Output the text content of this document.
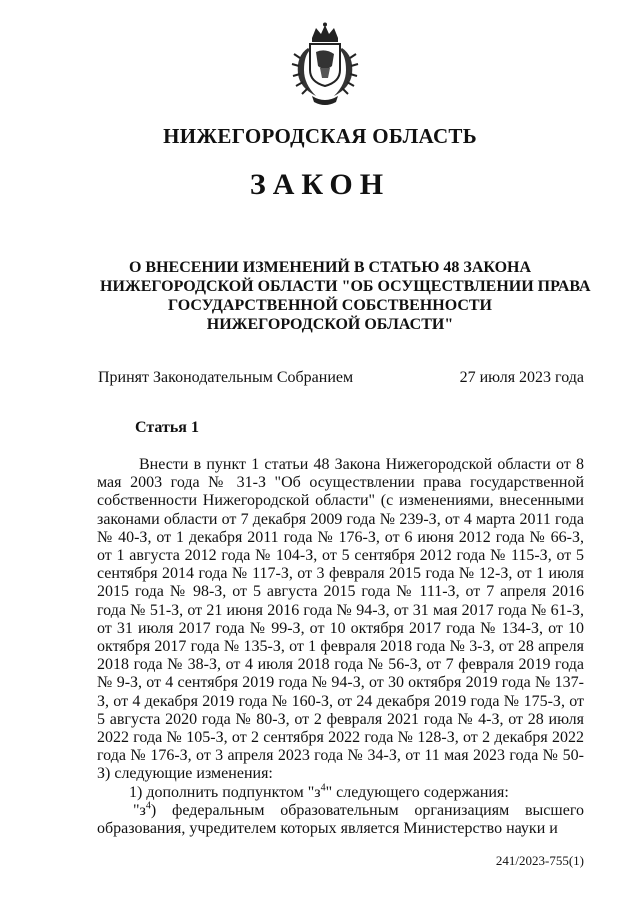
НИЖЕГОРОДСКАЯ ОБЛАСТЬ
ЗАКОН
О ВНЕСЕНИИ ИЗМЕНЕНИЙ В СТАТЬЮ 48 ЗАКОНА
НИЖЕГОРОДСКОЙ ОБЛАСТИ "ОБ ОСУЩЕСТВЛЕНИИ ПРАВА
ГОСУДАРСТВЕННОЙ СОБСТВЕННОСТИ
НИЖЕГОРОДСКОЙ ОБЛАСТИ"
Принят Законодательным Собранием	27 июля 2023 года
Статья 1

Внести в пункт 1 статьи 48 Закона Нижегородской области от 8 мая 2003 года № 31-З "Об осуществлении права государственной собственности Нижегородской области" (с изменениями, внесенными законами области от 7 декабря 2009 года № 239-З, от 4 марта 2011 года № 40-З, от 1 декабря 2011 года № 176-З, от 6 июня 2012 года № 66-З, от 1 августа 2012 года № 104-З, от 5 сентября 2012 года № 115-З, от 5 сентября 2014 года № 117-З, от 3 февраля 2015 года № 12-З, от 1 июля 2015 года № 98-З, от 5 августа 2015 года № 111-З, от 7 апреля 2016 года № 51-З, от 21 июня 2016 года № 94-З, от 31 мая 2017 года № 61-З, от 31 июля 2017 года № 99-З, от 10 октября 2017 года № 134-З, от 10 октября 2017 года № 135-З, от 1 февраля 2018 года № 3-З, от 28 апреля 2018 года № 38-З, от 4 июля 2018 года № 56-З, от 7 февраля 2019 года № 9-З, от 4 сентября 2019 года № 94-З, от 30 октября 2019 года № 137-З, от 4 декабря 2019 года № 160-З, от 24 декабря 2019 года № 175-З, от 5 августа 2020 года № 80-З, от 2 февраля 2021 года № 4-З, от 28 июля 2022 года № 105-З, от 2 сентября 2022 года № 128-З, от 2 декабря 2022 года № 176-З, от 3 апреля 2023 года № 34-З, от 11 мая 2023 года № 50-З) следующие изменения:

1) дополнить подпунктом "$з^4$" следующего содержания:

"$з^4$) федеральным образовательным организациям высшего образования, учредителем которых является Министерство науки и

241/2023-755(1)
